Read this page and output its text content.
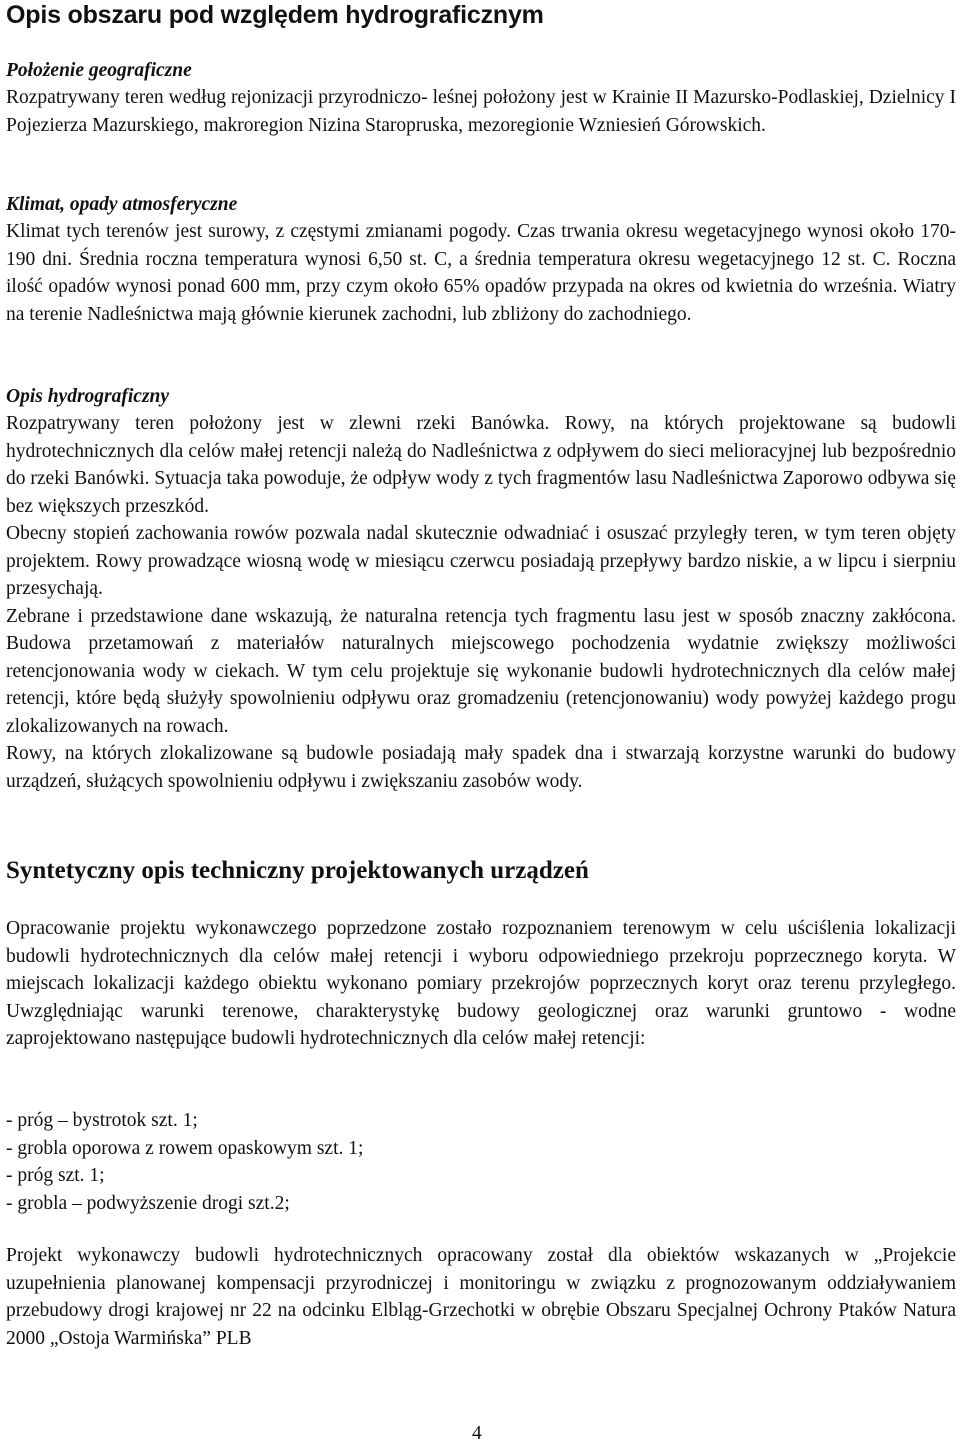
Opis obszaru pod względem hydrograficznym
Położenie geograficzne

Rozpatrywany teren według rejonizacji przyrodniczo- leśnej położony jest w Krainie II Mazursko-Podlaskiej, Dzielnicy I Pojezierza Mazurskiego, makroregion Nizina Staropruska, mezoregionie Wzniesień Górowskich.

Klimat, opady atmosferyczne

Klimat tych terenów jest surowy, z częstymi zmianami pogody. Czas trwania okresu wegetacyjnego wynosi około 170-190 dni. Średnia roczna temperatura wynosi 6,50 st. C, a średnia temperatura okresu wegetacyjnego 12 st. C. Roczna ilość opadów wynosi ponad 600 mm, przy czym około 65% opadów przypada na okres od kwietnia do września. Wiatry na terenie Nadleśnictwa mają głównie kierunek zachodni, lub zbliżony do zachodniego.

Opis hydrograficzny

Rozpatrywany teren położony jest w zlewni rzeki Banówka. Rowy, na których projektowane są budowli hydrotechnicznych dla celów małej retencji należą do Nadleśnictwa z odpływem do sieci melioracyjnej lub bezpośrednio do rzeki Banówki. Sytuacja taka powoduje, że odpływ wody z tych fragmentów lasu Nadleśnictwa Zaporowo odbywa się bez większych przeszkód.

Obecny stopień zachowania rowów pozwala nadal skutecznie odwadniać i osuszać przyległy teren, w tym teren objęty projektem. Rowy prowadzące wiosną wodę w miesiącu czerwcu posiadają przepływy bardzo niskie, a w lipcu i sierpniu przesychają.

Zebrane i przedstawione dane wskazują, że naturalna retencja tych fragmentu lasu jest w sposób znaczny zakłócona. Budowa przetamowań z materiałów naturalnych miejscowego pochodzenia wydatnie zwiększy możliwości retencjonowania wody w ciekach. W tym celu projektuje się wykonanie budowli hydrotechnicznych dla celów małej retencji, które będą służyły spowolnieniu odpływu oraz gromadzeniu (retencjonowaniu) wody powyżej każdego progu zlokalizowanych na rowach.

Rowy, na których zlokalizowane są budowle posiadają mały spadek dna i stwarzają korzystne warunki do budowy urządzeń, służących spowolnieniu odpływu i zwiększaniu zasobów wody.

Syntetyczny opis techniczny projektowanych urządzeń

Opracowanie projektu wykonawczego poprzedzone zostało rozpoznaniem terenowym w celu uściślenia lokalizacji budowli hydrotechnicznych dla celów małej retencji i wyboru odpowiedniego przekroju poprzecznego koryta. W miejscach lokalizacji każdego obiektu wykonano pomiary przekrojów poprzecznych koryt oraz terenu przyległego. Uwzględniając warunki terenowe, charakterystykę budowy geologicznej oraz warunki gruntowo - wodne zaprojektowano następujące budowli hydrotechnicznych dla celów małej retencji:

- próg – bystrotok szt. 1;
- grobla oporowa z rowem opaskowym szt. 1;
- próg szt. 1;
- grobla – podwyższenie drogi szt.2;

Projekt wykonawczy budowli hydrotechnicznych opracowany został dla obiektów wskazanych w „Projekcie uzupełnienia planowanej kompensacji przyrodniczej i monitoringu w związku z prognozowanym oddziaływaniem przebudowy drogi krajowej nr 22 na odcinku Elbląg-Grzechotki w obrębie Obszaru Specjalnej Ochrony Ptaków Natura 2000 „Ostoja Warmińska” PLB

4
